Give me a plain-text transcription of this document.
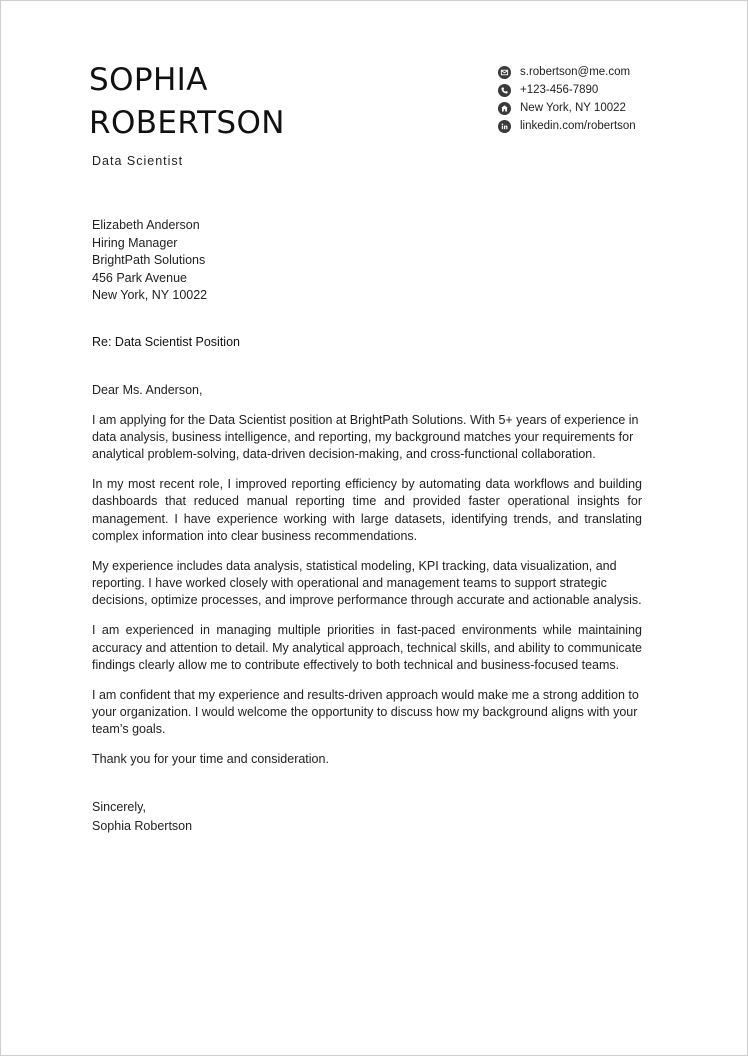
SOPHIA
ROBERTSON
Data Scientist
s.robertson@me.com
+123-456-7890
New York, NY 10022
linkedin.com/robertson
Elizabeth Anderson
Hiring Manager
BrightPath Solutions
456 Park Avenue
New York, NY 10022
Re: Data Scientist Position

Dear Ms. Anderson,

I am applying for the Data Scientist position at BrightPath Solutions. With 5+ years of experience in data analysis, business intelligence, and reporting, my background matches your requirements for analytical problem-solving, data-driven decision-making, and cross-functional collaboration.

In my most recent role, I improved reporting efficiency by automating data workflows and building dashboards that reduced manual reporting time and provided faster operational insights for management. I have experience working with large datasets, identifying trends, and translating complex information into clear business recommendations.

My experience includes data analysis, statistical modeling, KPI tracking, data visualization, and reporting. I have worked closely with operational and management teams to support strategic decisions, optimize processes, and improve performance through accurate and actionable analysis.

I am experienced in managing multiple priorities in fast-paced environments while maintaining accuracy and attention to detail. My analytical approach, technical skills, and ability to communicate findings clearly allow me to contribute effectively to both technical and business-focused teams.

I am confident that my experience and results-driven approach would make me a strong addition to your organization. I would welcome the opportunity to discuss how my background aligns with your team’s goals.

Thank you for your time and consideration.

Sincerely,
Sophia Robertson
